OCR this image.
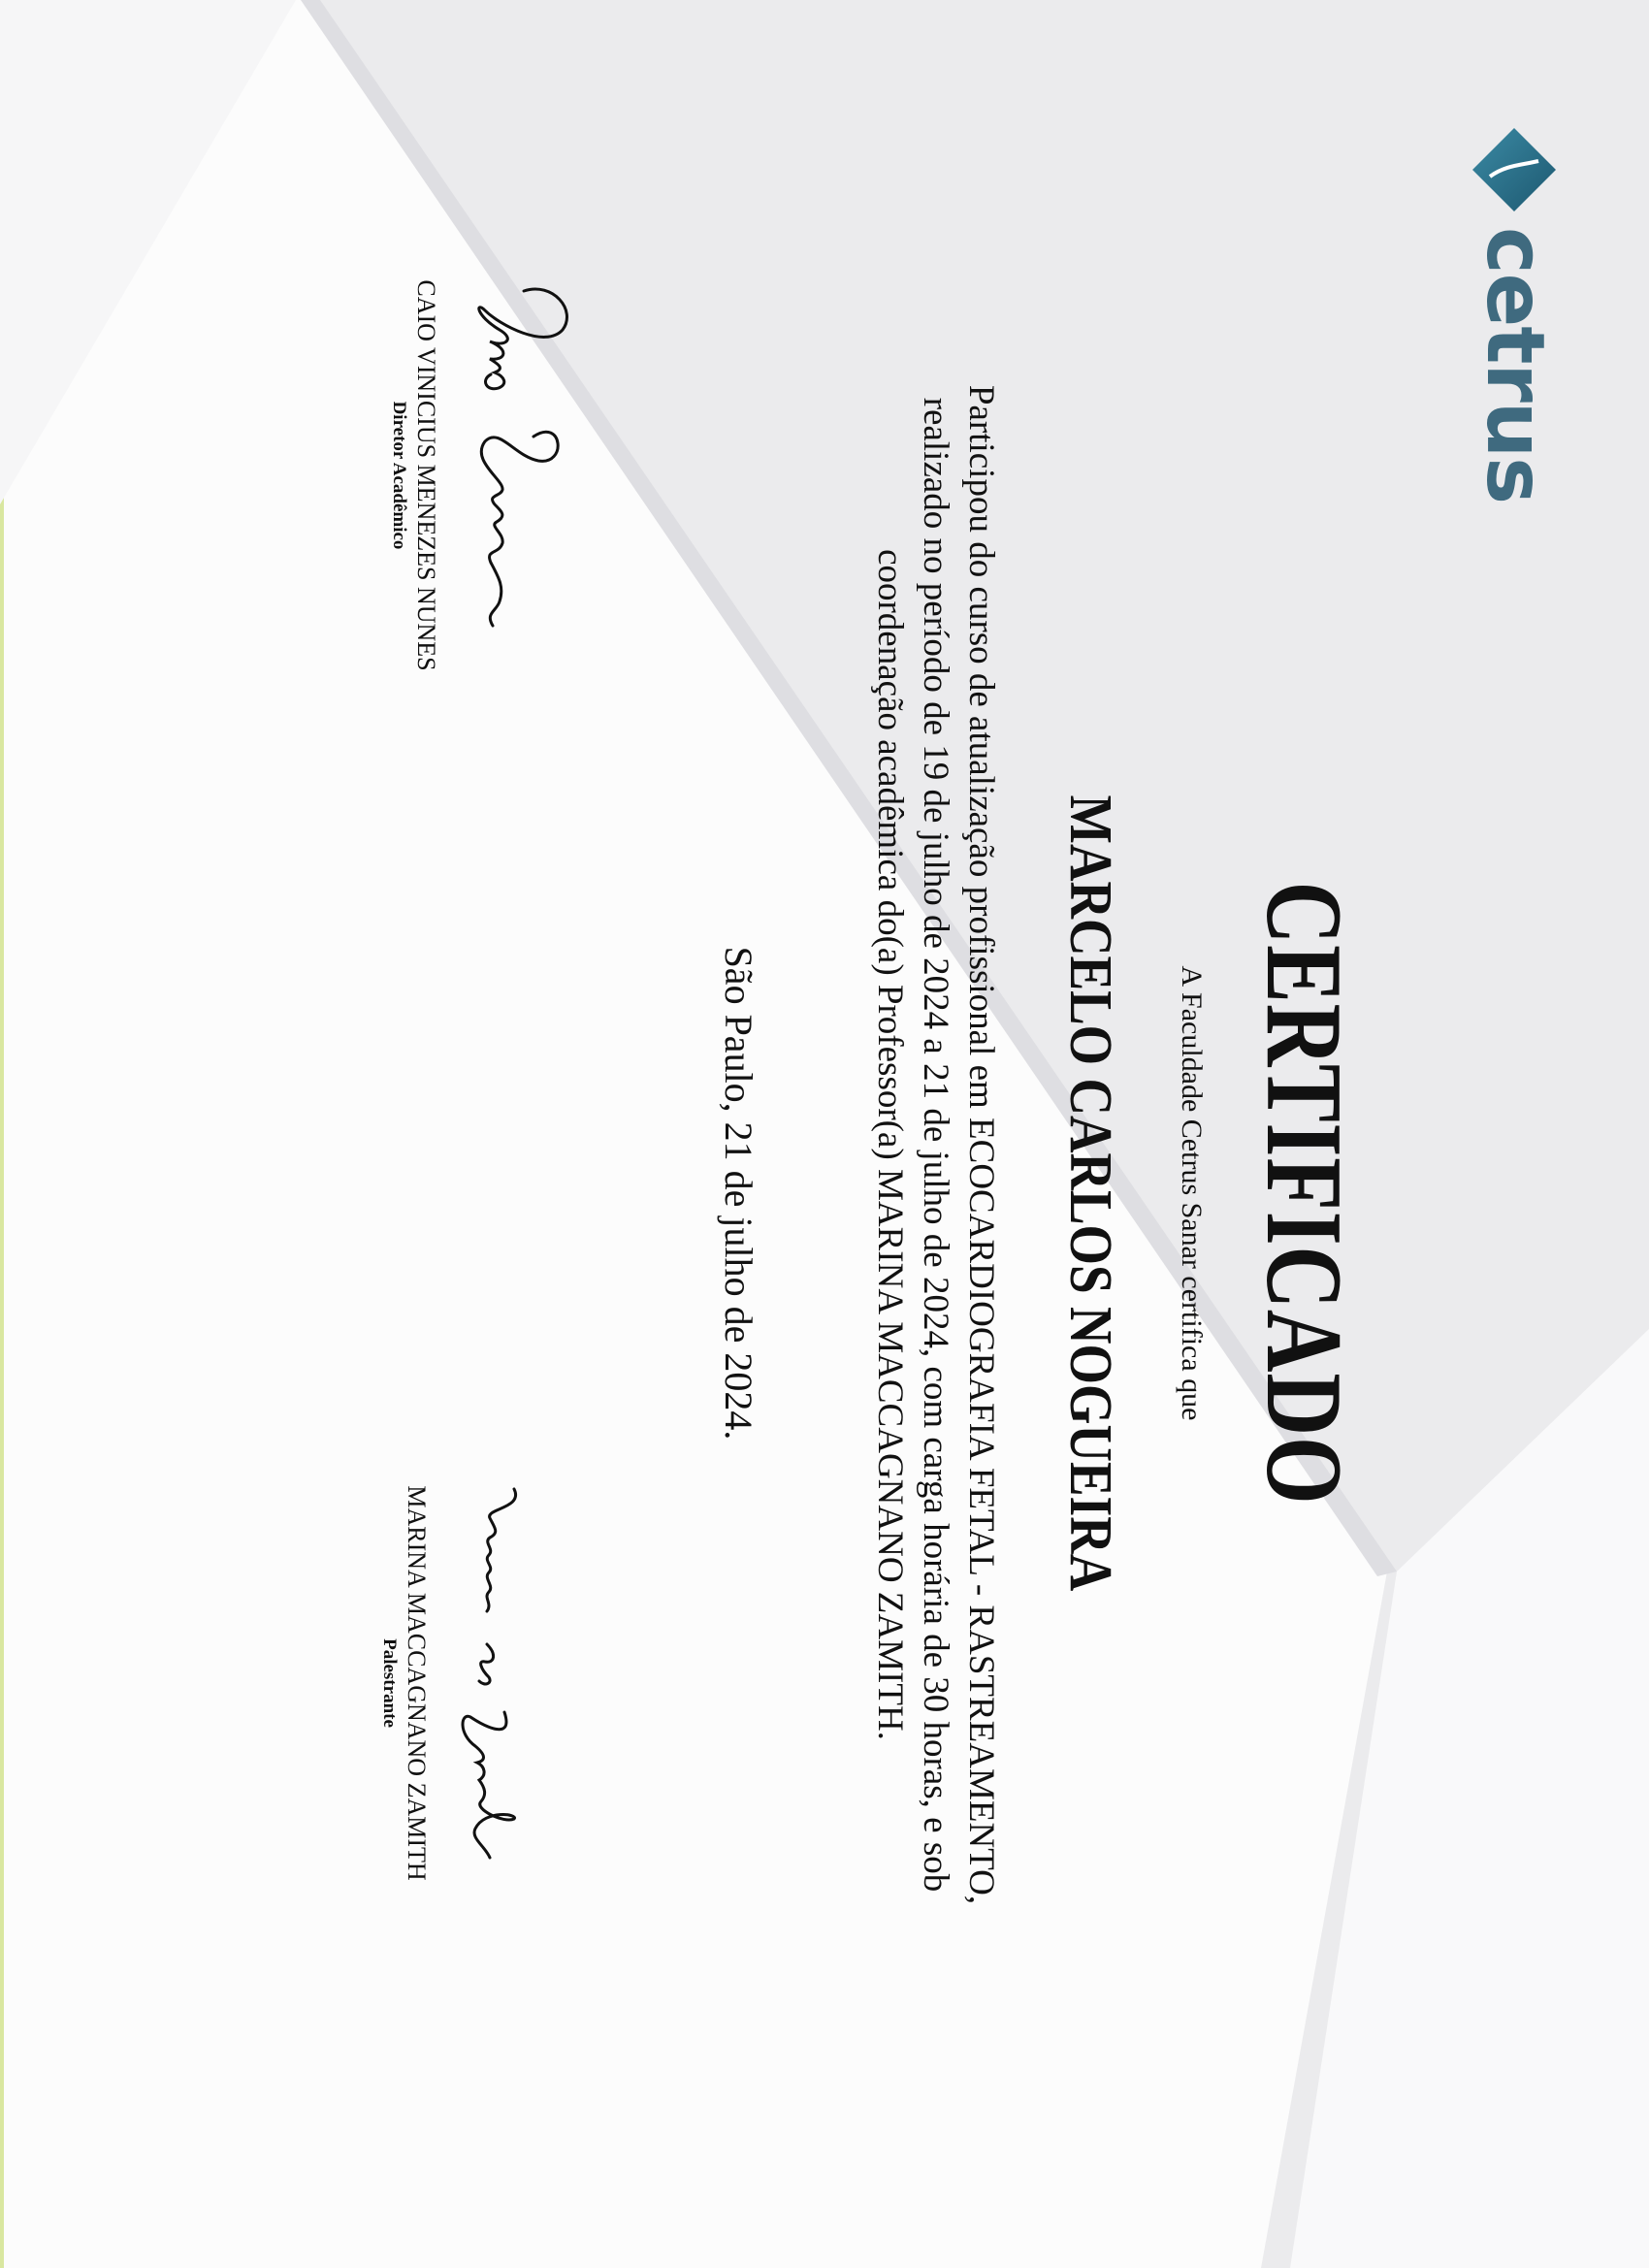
cetrus
CERTIFICADO
A Faculdade Cetrus Sanar certifica que
MARCELO CARLOS NOGUEIRA
Participou do curso de atualização profissional em ECOCARDIOGRAFIA FETAL - RASTREAMENTO,
realizado no período de 19 de julho de 2024 a 21 de julho de 2024, com carga horária de 30 horas, e sob
coordenação acadêmica do(a) Professor(a) MARINA MACCAGNANO ZAMITH.
São Paulo, 21 de julho de 2024.
CAIO VINICIUS MENEZES NUNES
Diretor Acadêmico
MARINA MACCAGNANO ZAMITH
Palestrante
